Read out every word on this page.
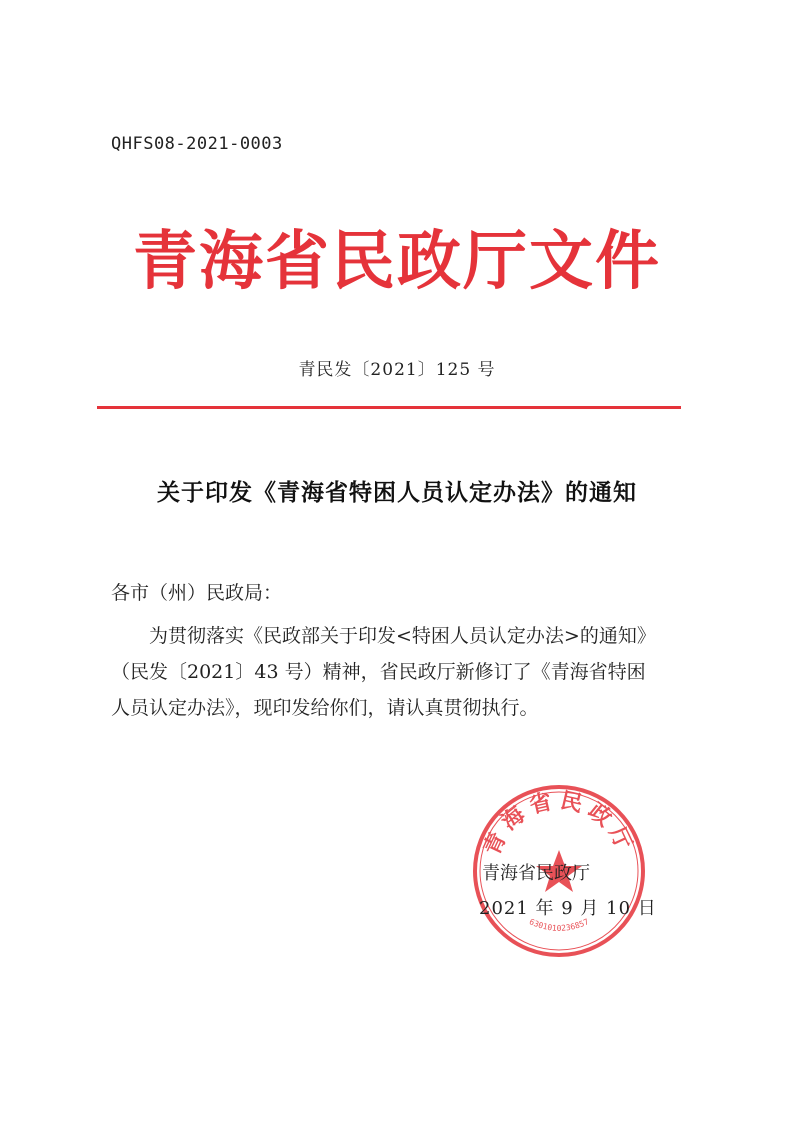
QHFS08-2021-0003
青海省民政厅文件
青民发〔2021〕125 号
关于印发《青海省特困人员认定办法》的通知
各市（州）民政局：
为贯彻落实《民政部关于印发<特困人员认定办法>的通知》
（民发〔2021〕43 号）精神，省民政厅新修订了《青海省特困
人员认定办法》，现印发给你们，请认真贯彻执行。
青海省民政厅
6301010236857
青海省民政厅
2021 年 9 月 10 日
